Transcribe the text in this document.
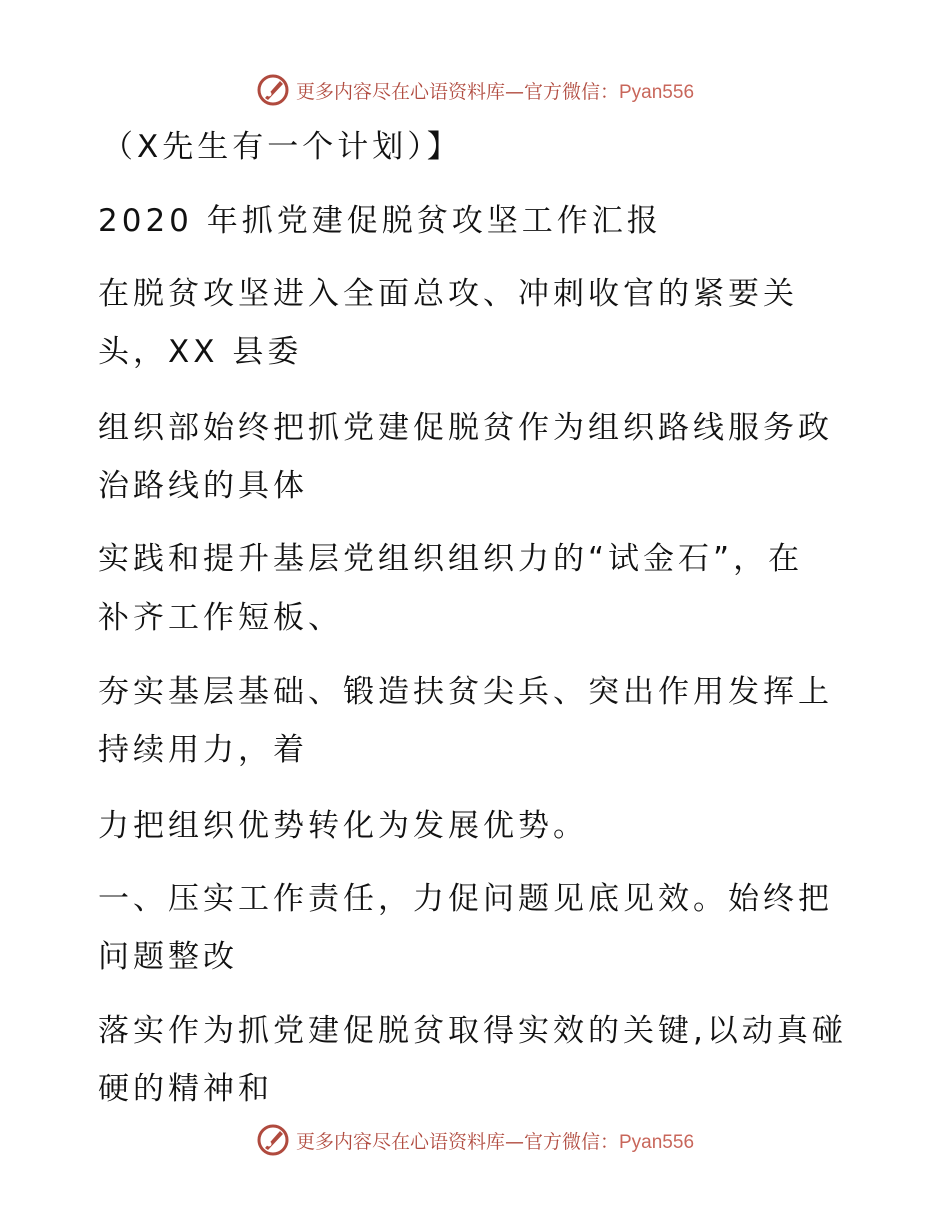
更多内容尽在心语资料库—官方微信：Pyan556
（X先生有一个计划）】
2020 年抓党建促脱贫攻坚工作汇报
在脱贫攻坚进入全面总攻、冲刺收官的紧要关
头，XX 县委
组织部始终把抓党建促脱贫作为组织路线服务政
治路线的具体
实践和提升基层党组织组织力的“试金石”，在
补齐工作短板、
夯实基层基础、锻造扶贫尖兵、突出作用发挥上
持续用力，着
力把组织优势转化为发展优势。
一、压实工作责任，力促问题见底见效。始终把
问题整改
落实作为抓党建促脱贫取得实效的关键,以动真碰
硬的精神和
更多内容尽在心语资料库—官方微信：Pyan556
